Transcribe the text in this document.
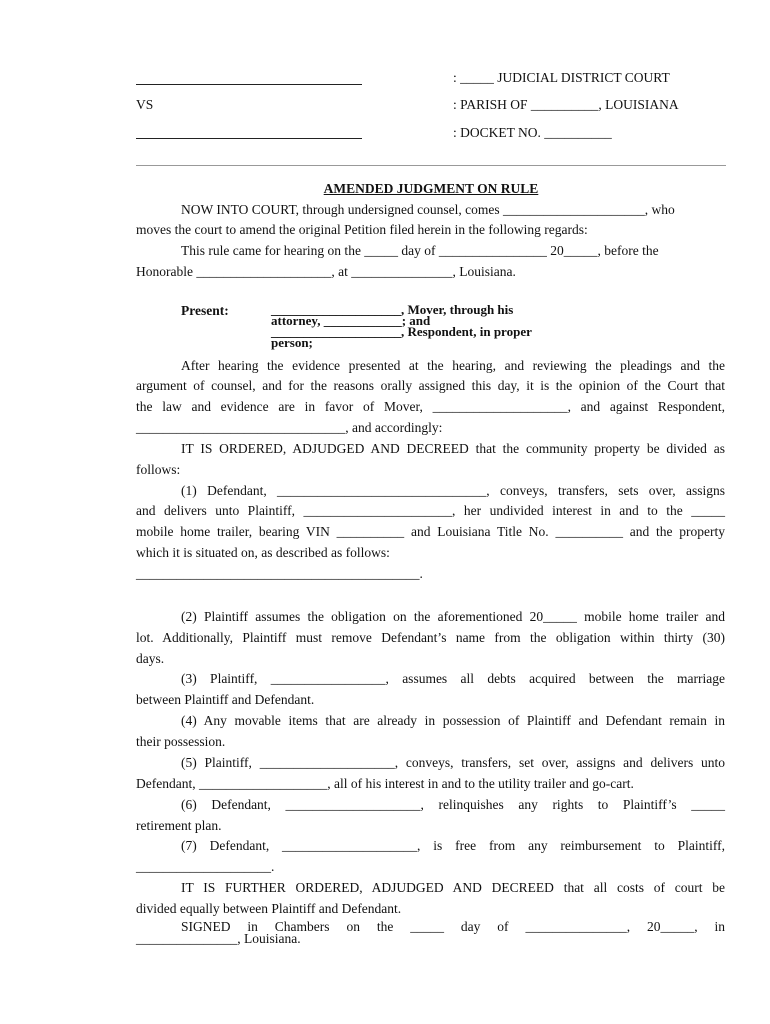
: _____ JUDICIAL DISTRICT COURT
VS	: PARISH OF __________, LOUISIANA
: DOCKET NO. __________
AMENDED JUDGMENT ON RULE
NOW INTO COURT, through undersigned counsel, comes _____________________, who
moves the court to amend the original Petition filed herein in the following regards:
This rule came for hearing on the _____ day of ________________ 20_____, before the
Honorable ____________________, at _______________, Louisiana.
Present:	____________________, Mover, through his
attorney, ____________; and
____________________, Respondent, in proper
person;
After hearing the evidence presented at the hearing, and reviewing the pleadings and the
argument of counsel, and for the reasons orally assigned this day, it is the opinion of the Court that
the law and evidence are in favor of Mover, ____________________, and against Respondent,
_______________________________, and accordingly:
IT IS ORDERED, ADJUDGED AND DECREED that the community property be divided as
follows:
(1) Defendant, _______________________________, conveys, transfers, sets over, assigns
and delivers unto Plaintiff, ______________________, her undivided interest in and to the _____
mobile home trailer, bearing VIN __________ and Louisiana Title No. __________ and the property
which it is situated on, as described as follows:
__________________________________________.
(2) Plaintiff assumes the obligation on the aforementioned 20_____ mobile home trailer and
lot. Additionally, Plaintiff must remove Defendant’s name from the obligation within thirty (30)
days.
(3) Plaintiff, _________________, assumes all debts acquired between the marriage
between Plaintiff and Defendant.
(4) Any movable items that are already in possession of Plaintiff and Defendant remain in
their possession.
(5) Plaintiff, ____________________, conveys, transfers, set over, assigns and delivers unto
Defendant, ___________________, all of his interest in and to the utility trailer and go-cart.
(6) Defendant, ____________________, relinquishes any rights to Plaintiff’s _____
retirement plan.
(7) Defendant, ____________________, is free from any reimbursement to Plaintiff,
____________________.
IT IS FURTHER ORDERED, ADJUDGED AND DECREED that all costs of court be
divided equally between Plaintiff and Defendant.
SIGNED in Chambers on the _____ day of _______________, 20_____, in
_______________, Louisiana.
